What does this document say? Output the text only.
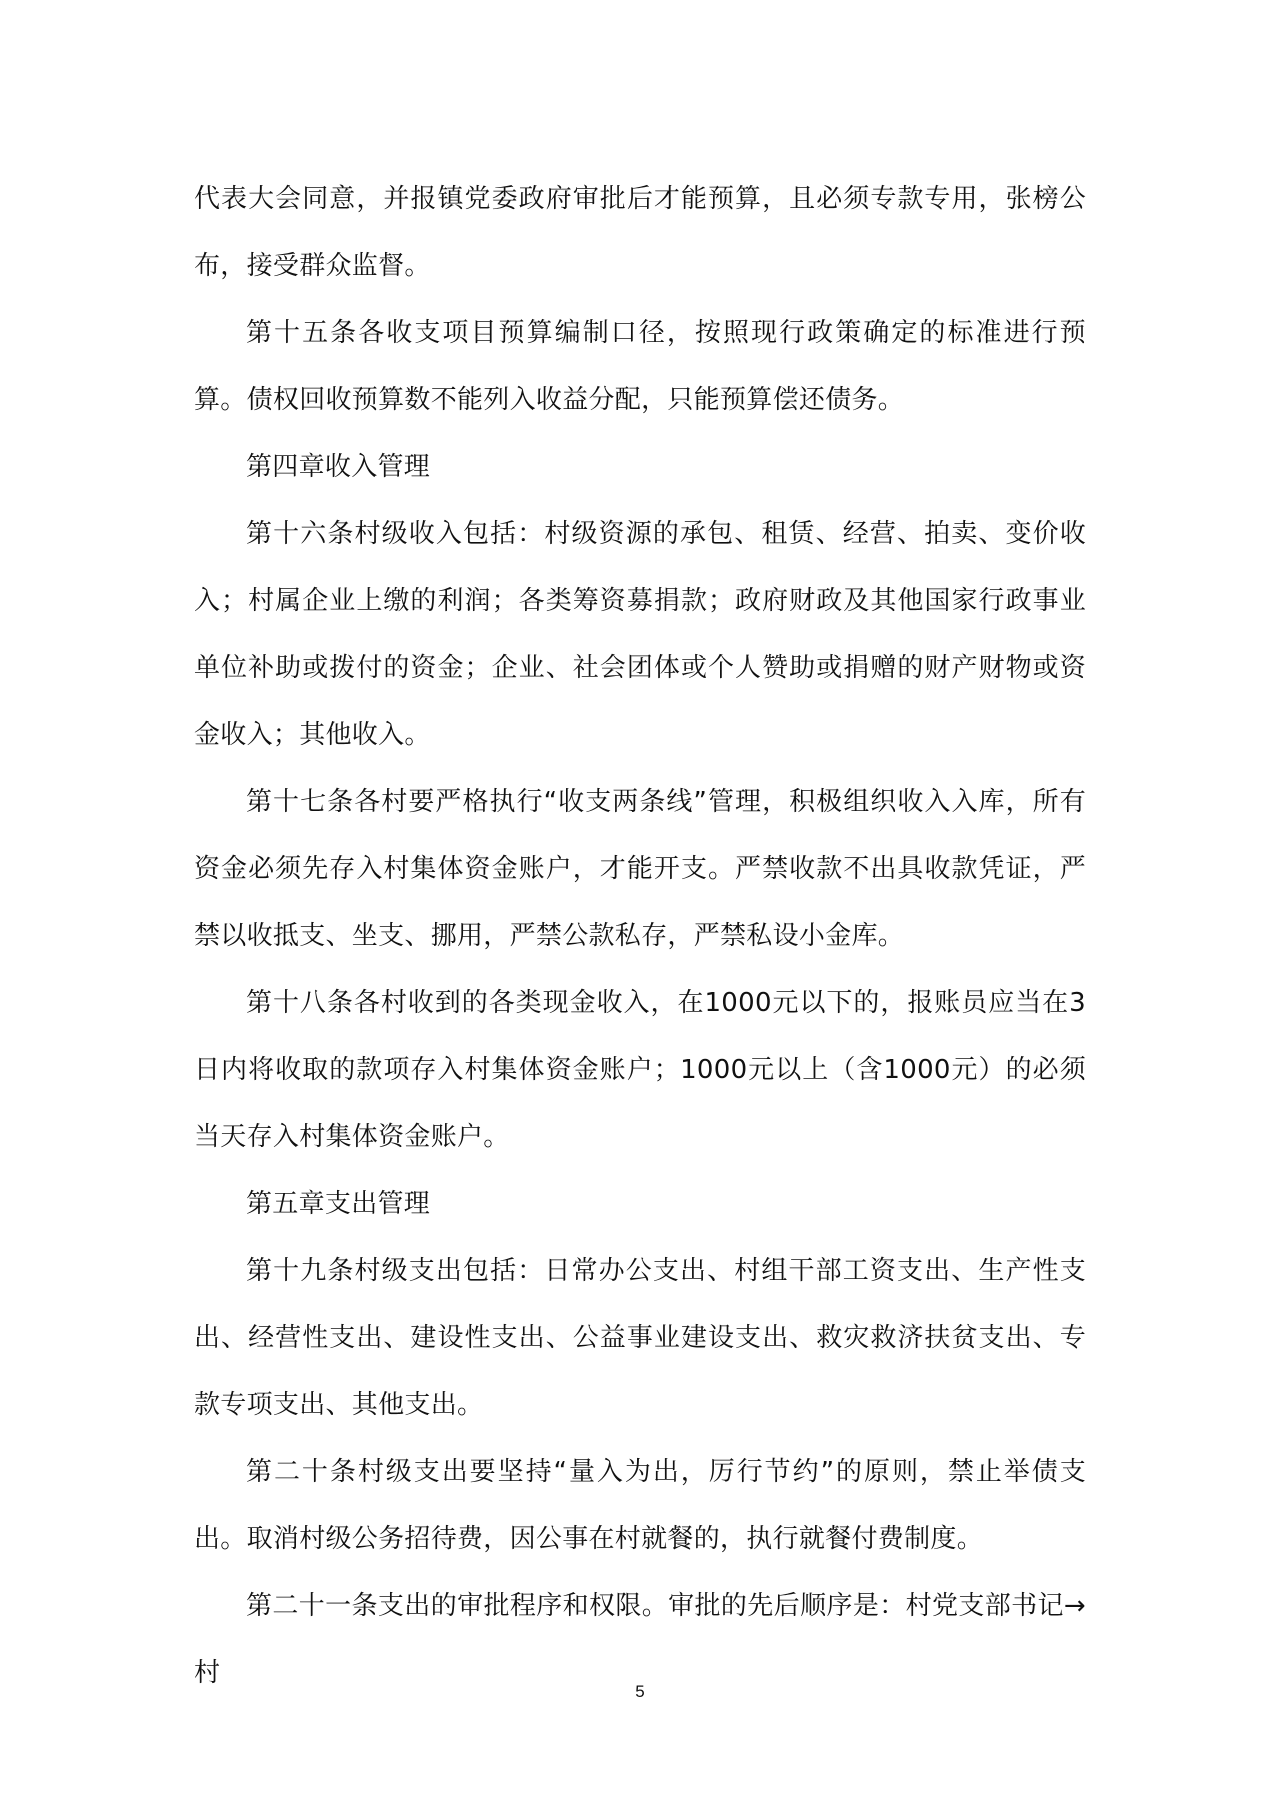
代表大会同意，并报镇党委政府审批后才能预算，且必须专款专用，张榜公布，接受群众监督。

第十五条各收支项目预算编制口径，按照现行政策确定的标准进行预算。债权回收预算数不能列入收益分配，只能预算偿还债务。

第四章收入管理

第十六条村级收入包括：村级资源的承包、租赁、经营、拍卖、变价收入；村属企业上缴的利润；各类筹资募捐款；政府财政及其他国家行政事业单位补助或拨付的资金；企业、社会团体或个人赞助或捐赠的财产财物或资金收入；其他收入。

第十七条各村要严格执行“收支两条线”管理，积极组织收入入库，所有资金必须先存入村集体资金账户，才能开支。严禁收款不出具收款凭证，严禁以收抵支、坐支、挪用，严禁公款私存，严禁私设小金库。

第十八条各村收到的各类现金收入，在1000元以下的，报账员应当在3日内将收取的款项存入村集体资金账户；1000元以上（含1000元）的必须当天存入村集体资金账户。

第五章支出管理

第十九条村级支出包括：日常办公支出、村组干部工资支出、生产性支出、经营性支出、建设性支出、公益事业建设支出、救灾救济扶贫支出、专款专项支出、其他支出。

第二十条村级支出要坚持“量入为出，厉行节约”的原则，禁止举债支出。取消村级公务招待费，因公事在村就餐的，执行就餐付费制度。

第二十一条支出的审批程序和权限。审批的先后顺序是：村党支部书记→村

5
